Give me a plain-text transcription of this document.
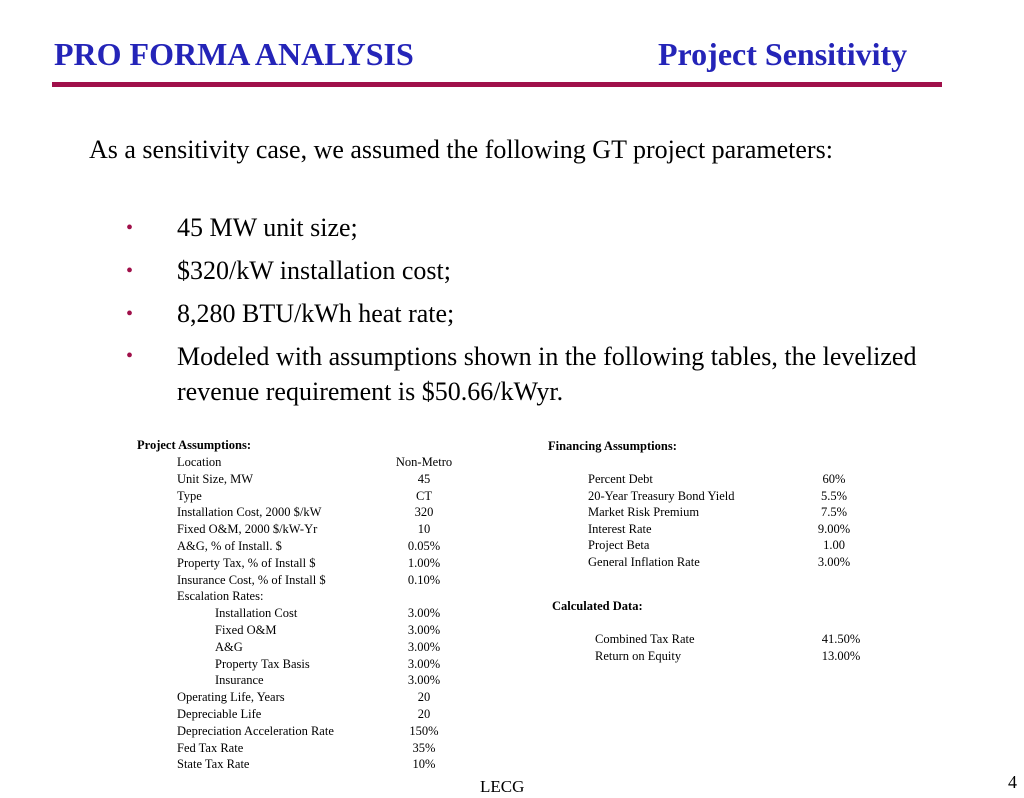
PRO FORMA ANALYSIS	Project Sensitivity

As a sensitivity case, we assumed the following GT project parameters:

• 45 MW unit size;
• $320/kW installation cost;
• 8,280 BTU/kWh heat rate;
• Modeled with assumptions shown in the following tables, the levelized revenue requirement is $50.66/kWyr.
Project Assumptions:
Location	Non-Metro
Unit Size, MW	45
Type	CT
Installation Cost, 2000 $/kW	320
Fixed O&M, 2000 $/kW-Yr	10
A&G, % of Install. $	0.05%
Property Tax, % of Install $	1.00%
Insurance Cost, % of Install $	0.10%
Escalation Rates:
Installation Cost	3.00%
Fixed O&M	3.00%
A&G	3.00%
Property Tax Basis	3.00%
Insurance	3.00%
Operating Life, Years	20
Depreciable Life	20
Depreciation Acceleration Rate	150%
Fed Tax Rate	35%
State Tax Rate	10%
Financing Assumptions:
Percent Debt	60%
20-Year Treasury Bond Yield	5.5%
Market Risk Premium	7.5%
Interest Rate	9.00%
Project Beta	1.00
General Inflation Rate	3.00%
Calculated Data:
Combined Tax Rate	41.50%
Return on Equity	13.00%
LECG	4
